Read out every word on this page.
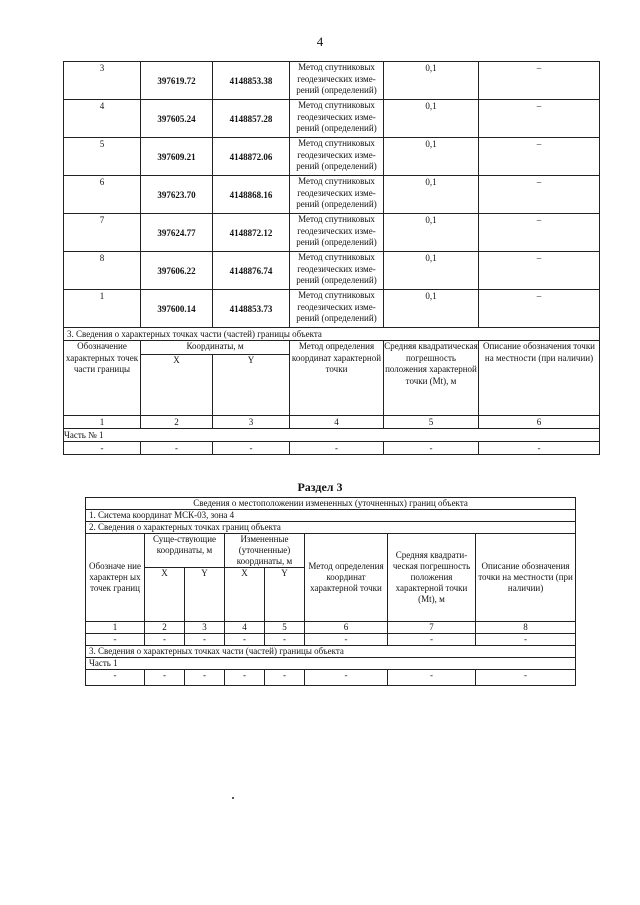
4
3	397619.72	4148853.38	Метод спутниковых геодезических изме-рений (определений)	0,1	–
4	397605.24	4148857.28	Метод спутниковых геодезических изме-рений (определений)	0,1	–
5	397609.21	4148872.06	Метод спутниковых геодезических изме-рений (определений)	0,1	–
6	397623.70	4148868.16	Метод спутниковых геодезических изме-рений (определений)	0,1	–
7	397624.77	4148872.12	Метод спутниковых геодезических изме-рений (определений)	0,1	–
8	397606.22	4148876.74	Метод спутниковых геодезических изме-рений (определений)	0,1	–
1	397600.14	4148853.73	Метод спутниковых геодезических изме-рений (определений)	0,1	–
3. Сведения о характерных точках части (частей) границы объекта					
Обозначение характерных точек части границы	Координаты, м		Метод определения координат характерной точки	Средняя квадратическая погрешность положения характерной точки (Mt), м	Описание обозначения точки на местности (при наличии)
	X	Y			
1	2	3	4	5	6
Часть № 1					
-	-	-	-	-	-
Раздел 3
Сведения о местоположении измененных (уточненных) границ объекта							
1. Система координат МСК-03, зона 4							
2. Сведения о характерных точках границ объекта							
Обозначе ние характерн ых точек границ	Суще-ствующие координаты, м		Измененные (уточненные) координаты, м		Метод определения координат характерной точки	Средняя квадрати-ческая погрешность положения характерной точки (Mt), м	Описание обозначения точки на местности (при наличии)
	X	Y	X	Y			
1	2	3	4	5	6	7	8
-	-	-	-	-	-	-	-
3. Сведения о характерных точках части (частей) границы объекта							
Часть 1							
-	-	-	-	-	-	-	-
